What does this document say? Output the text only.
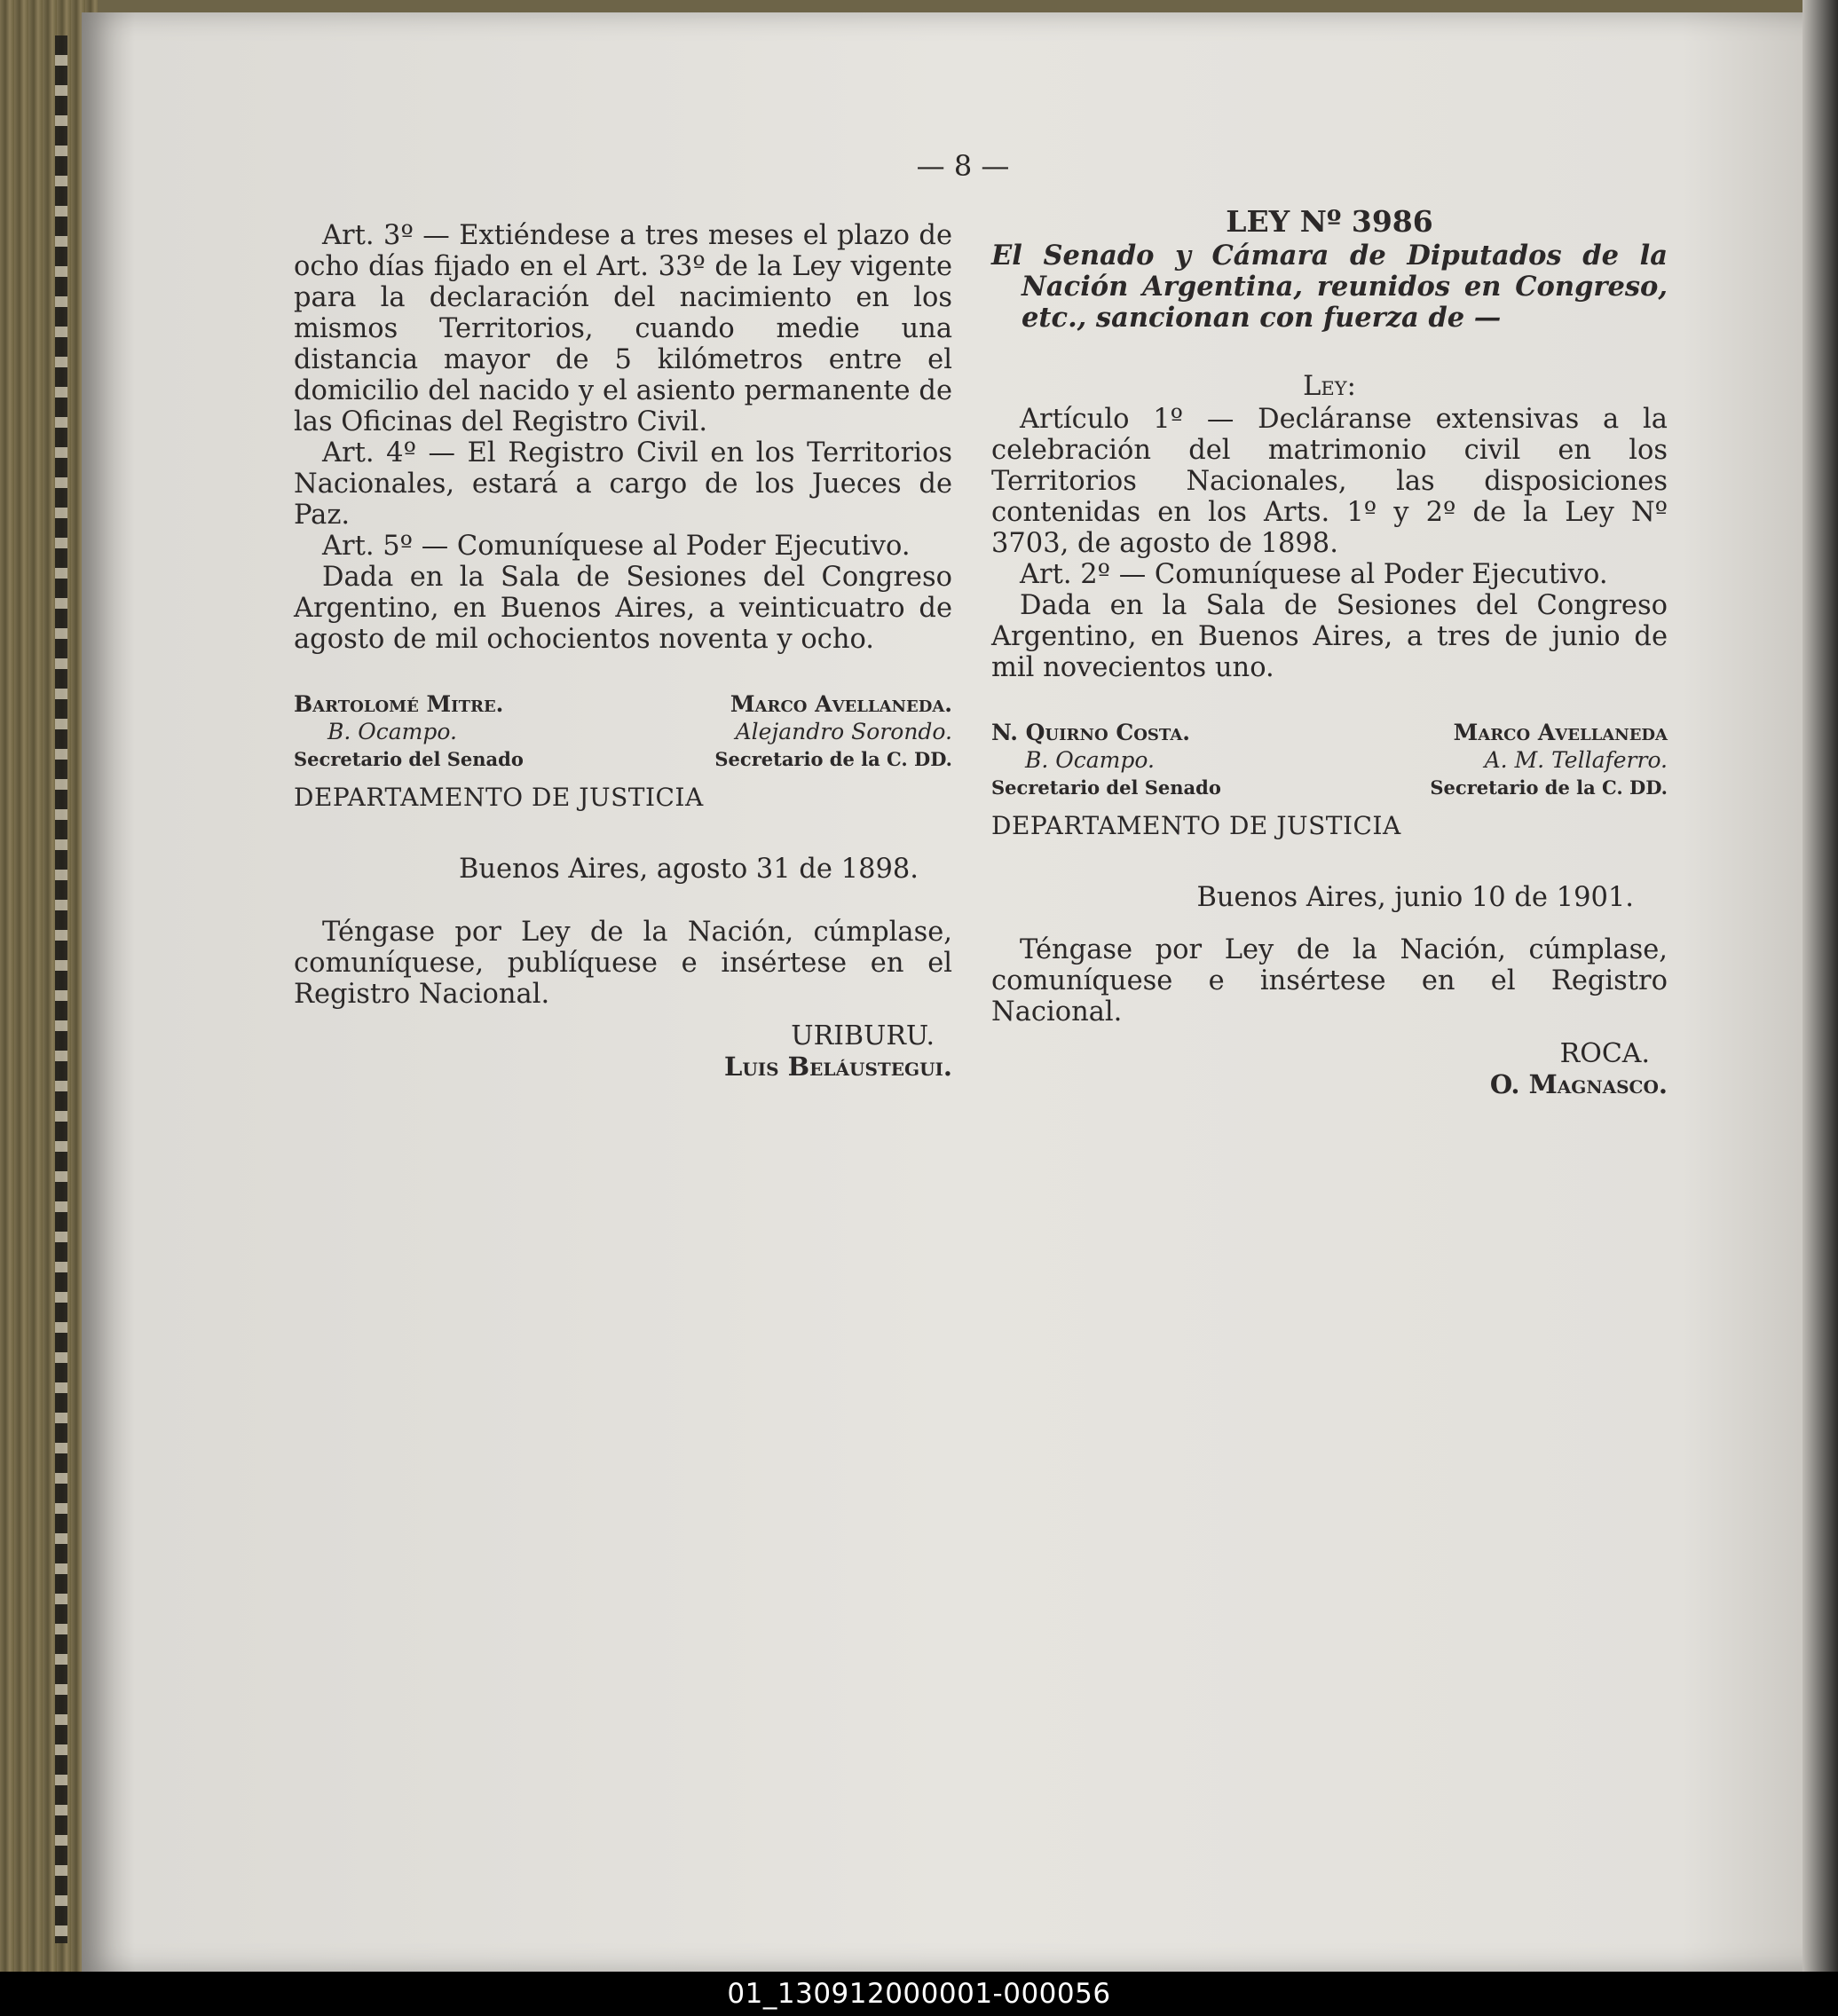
— 8 —

Art. 3º — Extiéndese a tres meses el plazo de ocho días fijado en el Art. 33º de la Ley vigente para la declaración del nacimiento en los mismos Territorios, cuando medie una distancia mayor de 5 kilómetros entre el domicilio del nacido y el asiento permanente de las Oficinas del Registro Civil.

Art. 4º — El Registro Civil en los Territorios Nacionales, estará a cargo de los Jueces de Paz.

Art. 5º — Comuníquese al Poder Ejecutivo.

Dada en la Sala de Sesiones del Congreso Argentino, en Buenos Aires, a veinticuatro de agosto de mil ochocientos noventa y ocho.

Bartolomé Mitre.
B. Ocampo.
Secretario del Senado
Marco Avellaneda.
Alejandro Sorondo.
Secretario de la C. DD.
DEPARTAMENTO DE JUSTICIA
Buenos Aires, agosto 31 de 1898.

Téngase por Ley de la Nación, cúmplase, comuníquese, publíquese e insértese en el Registro Nacional.

URIBURU.
Luis Beláustegui.
LEY Nº 3986

El Senado y Cámara de Diputados de la Nación Argentina, reunidos en Congreso, etc., sancionan con fuerza de —

Ley:

Artículo 1º — Decláranse extensivas a la celebración del matrimonio civil en los Territorios Nacionales, las disposiciones contenidas en los Arts. 1º y 2º de la Ley Nº 3703, de agosto de 1898.

Art. 2º — Comuníquese al Poder Ejecutivo.

Dada en la Sala de Sesiones del Congreso Argentino, en Buenos Aires, a tres de junio de mil novecientos uno.

N. Quirno Costa.
B. Ocampo.
Secretario del Senado
Marco Avellaneda
A. M. Tellaferro.
Secretario de la C. DD.
DEPARTAMENTO DE JUSTICIA
Buenos Aires, junio 10 de 1901.

Téngase por Ley de la Nación, cúmplase, comuníquese e insértese en el Registro Nacional.

ROCA.
O. Magnasco.
01_130912000001-000056
